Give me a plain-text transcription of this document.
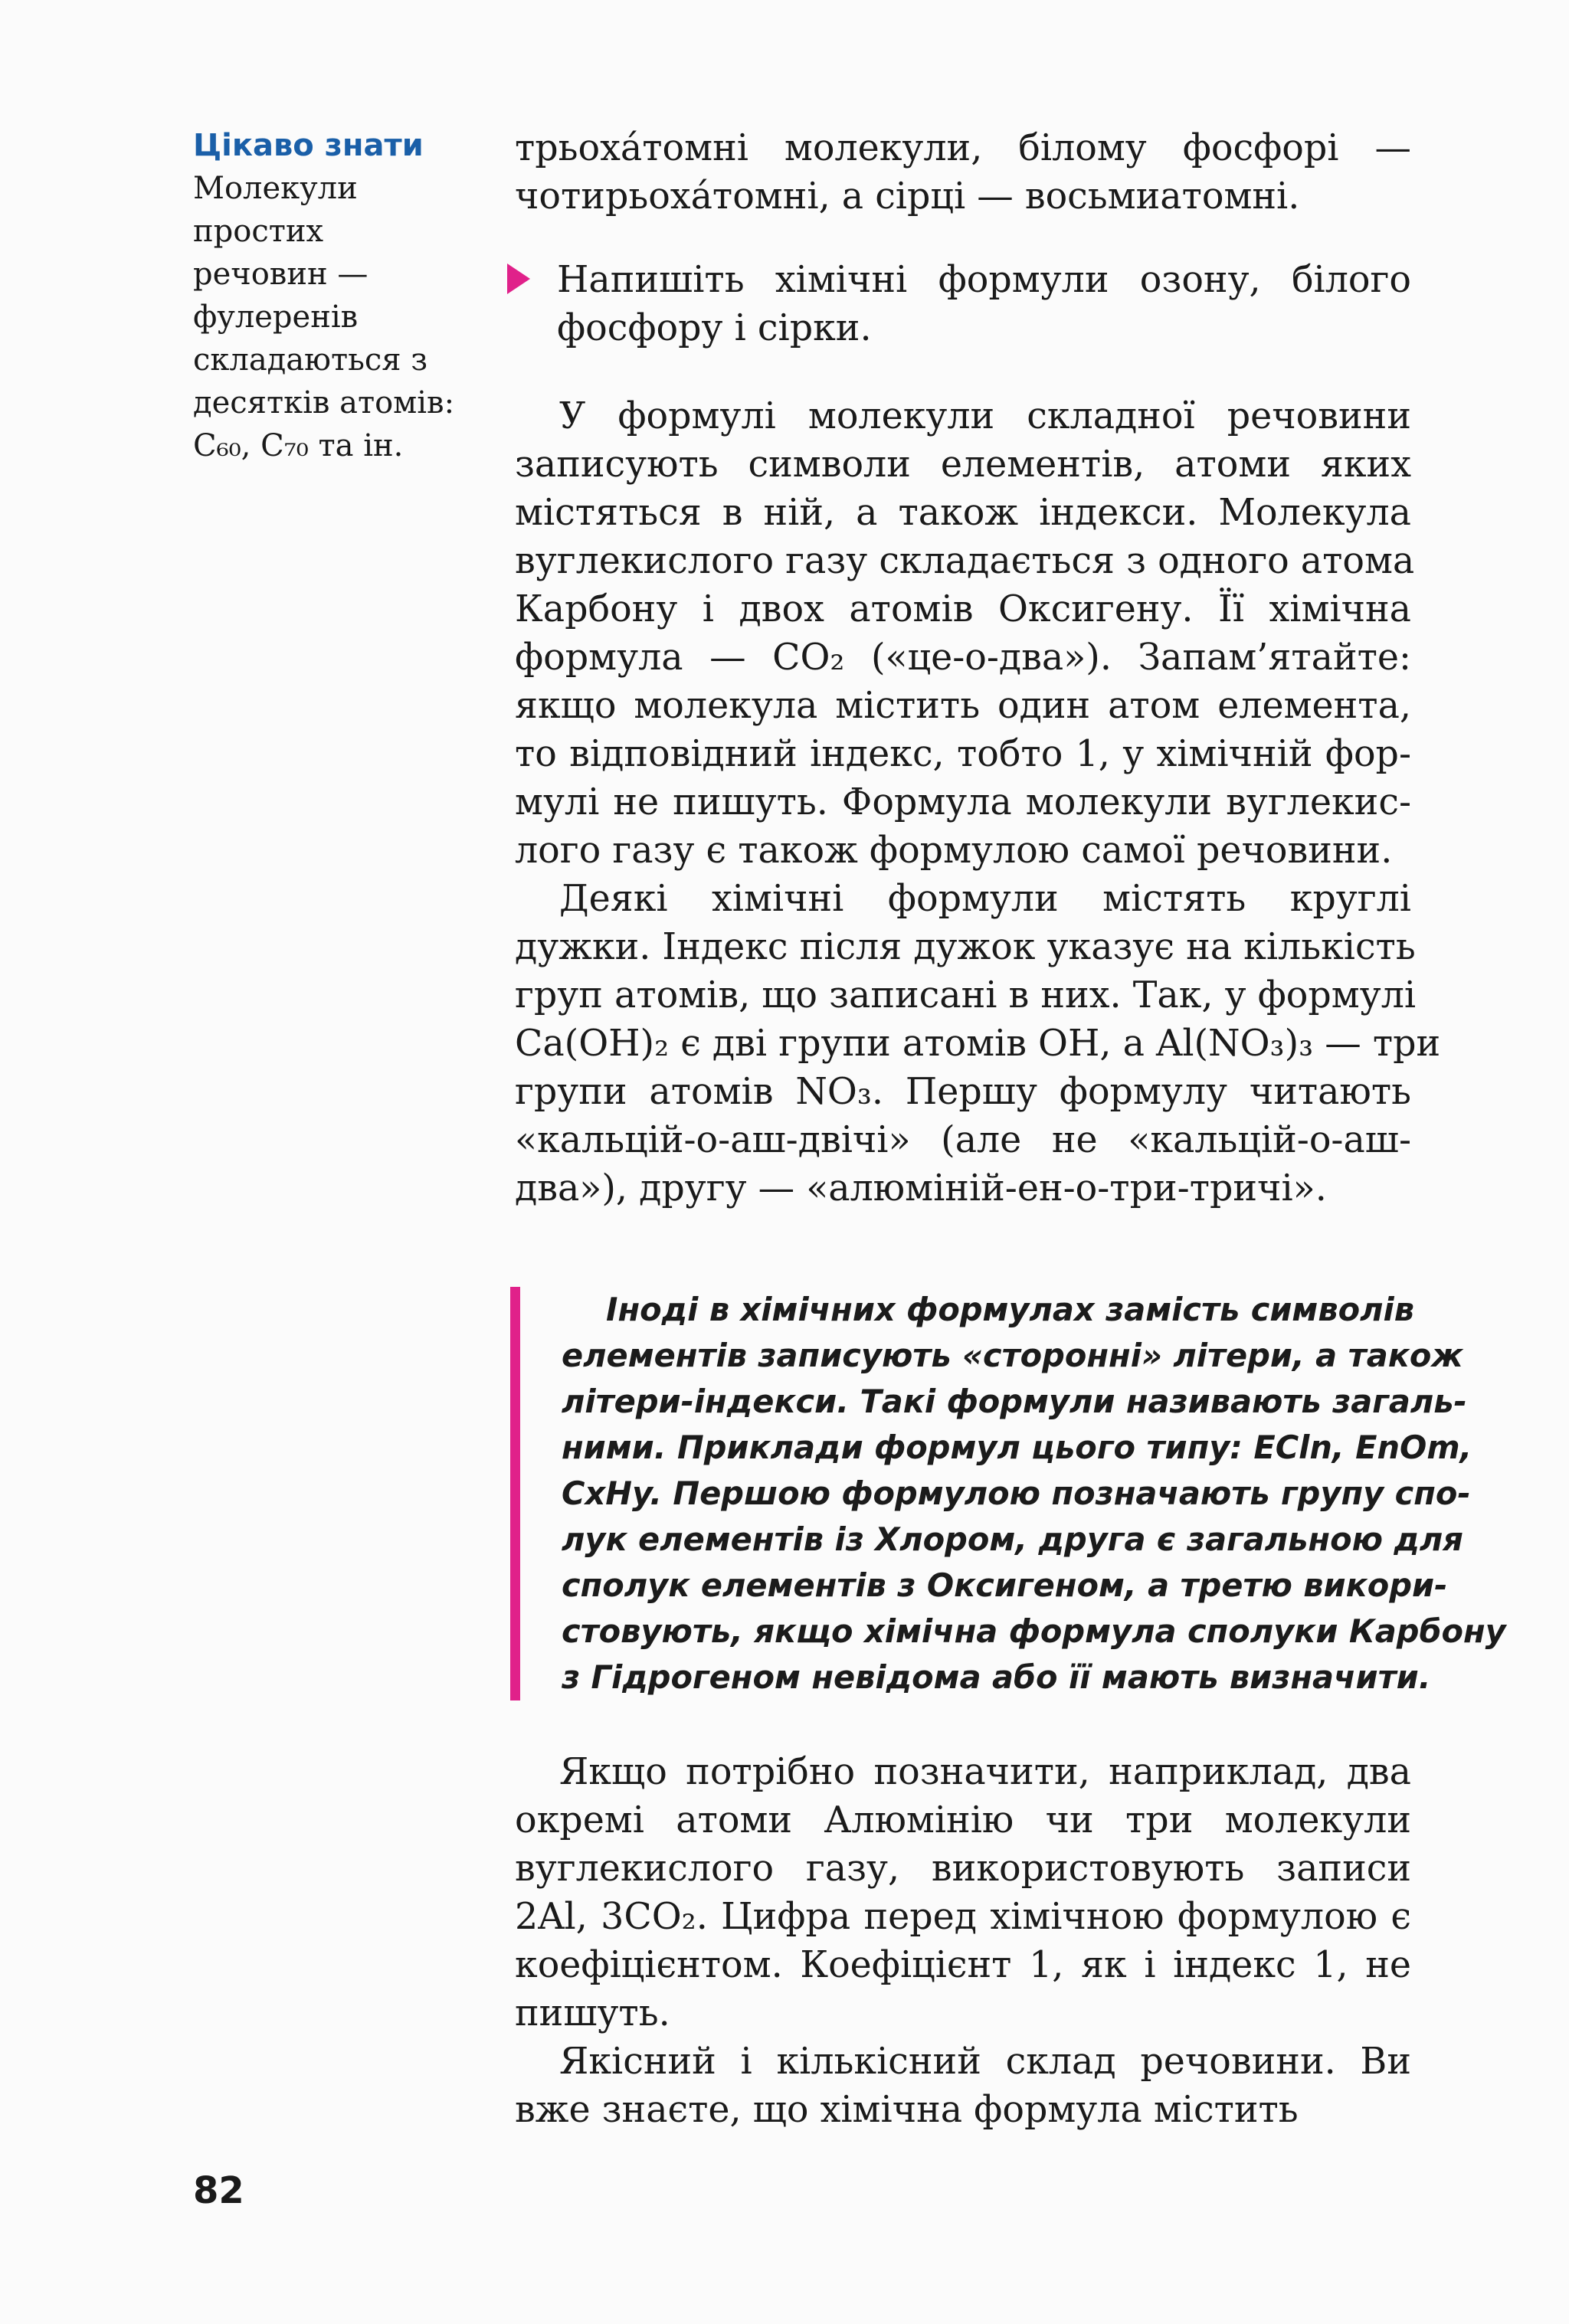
Цікаво знати
Молекули
простих
речовин —
фулеренів
складаються з
десятків атомів:
C₆₀, C₇₀ та ін.
трьохáтомні молекули, білому фосфорі —
чотирьохáтомні, а сірці — восьмиатомні.
Напишіть хімічні формули озону, білого
фосфору і сірки.
У формулі молекули складної речовини
записують символи елементів, атоми яких
містяться в ній, а також індекси. Молекула
вуглекислого газу складається з одного атома
Карбону і двох атомів Оксигену. Її хімічна
формула — CO₂ («це-о-два»). Запам’ятайте:
якщо молекула містить один атом елемента,
то відповідний індекс, тобто 1, у хімічній фор-
мулі не пишуть. Формула молекули вуглекис-
лого газу є також формулою самої речовини.
Деякі хімічні формули містять круглі
дужки. Індекс після дужок указує на кількість
груп атомів, що записані в них. Так, у формулі
Ca(OH)₂ є дві групи атомів OH, а Al(NO₃)₃ — три
групи атомів NO₃. Першу формулу читають
«кальцій-о-аш-двічі» (але не «кальцій-о-аш-
два»), другу — «алюміній-ен-о-три-тричі».
Іноді в хімічних формулах замість символів
елементів записують «сторонні» літери, а також
літери-індекси. Такі формули називають загаль-
ними. Приклади формул цього типу: ECln, EnOm,
CxHy. Першою формулою позначають групу спо-
лук елементів із Хлором, друга є загальною для
сполук елементів з Оксигеном, а третю викори-
стовують, якщо хімічна формула сполуки Карбону
з Гідрогеном невідома або її мають визначити.
Якщо потрібно позначити, наприклад, два
окремі атоми Алюмінію чи три молекули
вуглекислого газу, використовують записи
2Al, 3CO₂. Цифра перед хімічною формулою є
коефіцієнтом. Коефіцієнт 1, як і індекс 1, не
пишуть.
Якісний і кількісний склад речовини. Ви
вже знаєте, що хімічна формула містить
82
